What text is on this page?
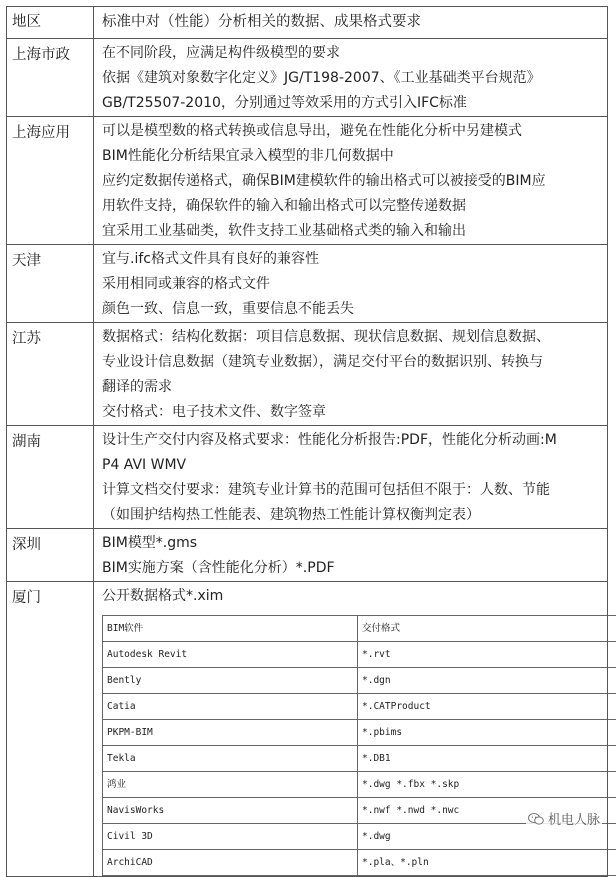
地区	标准中对（性能）分析相关的数据、成果格式要求
上海市政	在不同阶段，应满足构件级模型的要求
依据《建筑对象数字化定义》JG/T198-2007、《工业基础类平台规范》
GB/T25507-2010，分别通过等效采用的方式引入IFC标准

上海应用	可以是模型数的格式转换或信息导出，避免在性能化分析中另建模式
BIM性能化分析结果宜录入模型的非几何数据中
应约定数据传递格式，确保BIM建模软件的输出格式可以被接受的BIM应
用软件支持，确保软件的输入和输出格式可以完整传递数据
宜采用工业基础类，软件支持工业基础格式类的输入和输出

天津	宜与.ifc格式文件具有良好的兼容性
采用相同或兼容的格式文件
颜色一致、信息一致，重要信息不能丢失

江苏	数据格式：结构化数据：项目信息数据、现状信息数据、规划信息数据、
专业设计信息数据（建筑专业数据），满足交付平台的数据识别、转换与
翻译的需求
交付格式：电子技术文件、数字签章

湖南	设计生产交付内容及格式要求：性能化分析报告:PDF，性能化分析动画:M
P4 AVI WMV
计算文档交付要求：建筑专业计算书的范围可包括但不限于：人数、节能
（如围护结构热工性能表、建筑物热工性能计算权衡判定表）

深圳	BIM模型*.gms
BIM实施方案（含性能化分析）*.PDF

厦门	公开数据格式*.xim
BIM软件	交付格式
Autodesk Revit	*.rvt
Bently	*.dgn
Catia	*.CATProduct
PKPM-BIM	*.pbims
Tekla	*.DB1
鸿业	*.dwg *.fbx *.skp
NavisWorks	*.nwf *.nwd *.nwc
Civil 3D	*.dwg
ArchiCAD	*.pla、*.pln
机电人脉
